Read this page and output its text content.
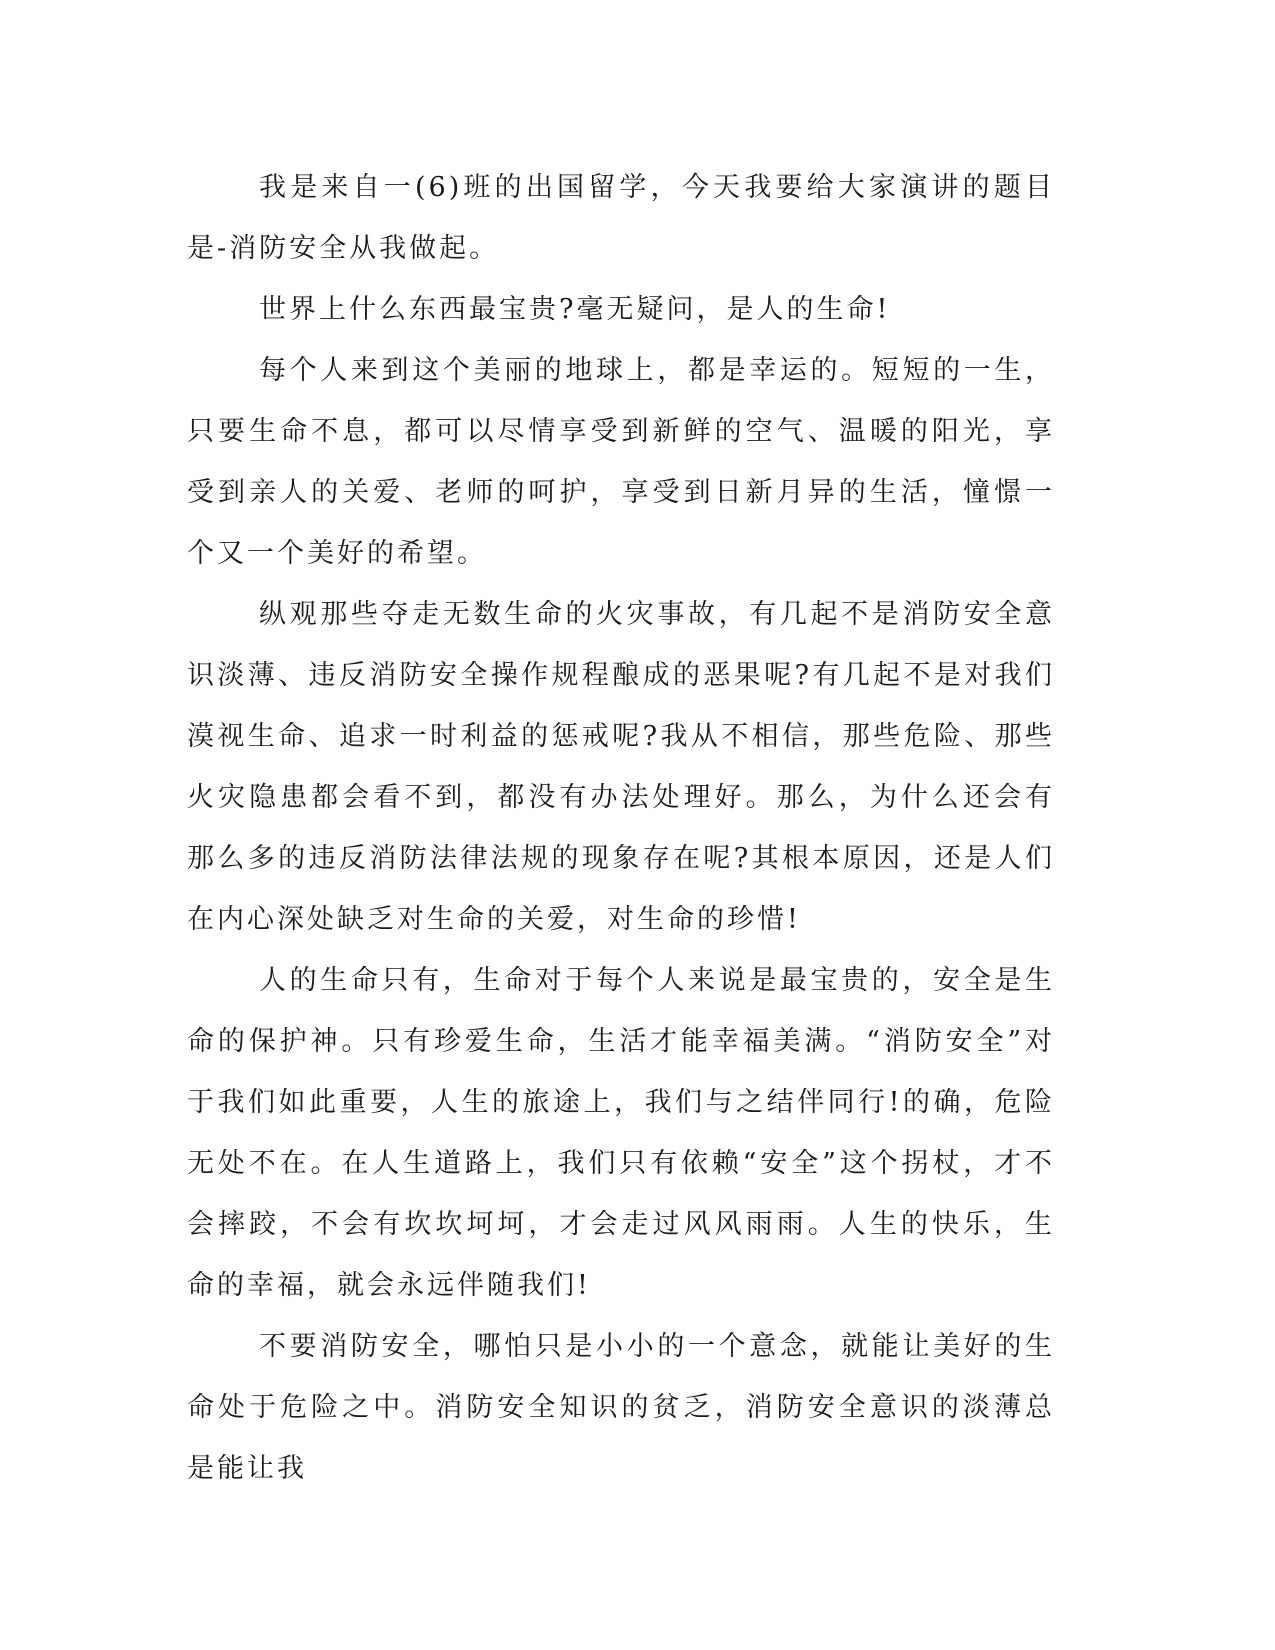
我是来自一(6)班的出国留学，今天我要给大家演讲的题目是-消防安全从我做起。

世界上什么东西最宝贵?毫无疑问，是人的生命!

每个人来到这个美丽的地球上，都是幸运的。短短的一生，只要生命不息，都可以尽情享受到新鲜的空气、温暖的阳光，享受到亲人的关爱、老师的呵护，享受到日新月异的生活，憧憬一个又一个美好的希望。

纵观那些夺走无数生命的火灾事故，有几起不是消防安全意识淡薄、违反消防安全操作规程酿成的恶果呢?有几起不是对我们漠视生命、追求一时利益的惩戒呢?我从不相信，那些危险、那些火灾隐患都会看不到，都没有办法处理好。那么，为什么还会有那么多的违反消防法律法规的现象存在呢?其根本原因，还是人们在内心深处缺乏对生命的关爱，对生命的珍惜!

人的生命只有，生命对于每个人来说是最宝贵的，安全是生命的保护神。只有珍爱生命，生活才能幸福美满。“消防安全”对于我们如此重要，人生的旅途上，我们与之结伴同行!的确，危险无处不在。在人生道路上，我们只有依赖“安全”这个拐杖，才不会摔跤，不会有坎坎坷坷，才会走过风风雨雨。人生的快乐，生命的幸福，就会永远伴随我们!

不要消防安全，哪怕只是小小的一个意念，就能让美好的生命处于危险之中。消防安全知识的贫乏，消防安全意识的淡薄总是能让我
